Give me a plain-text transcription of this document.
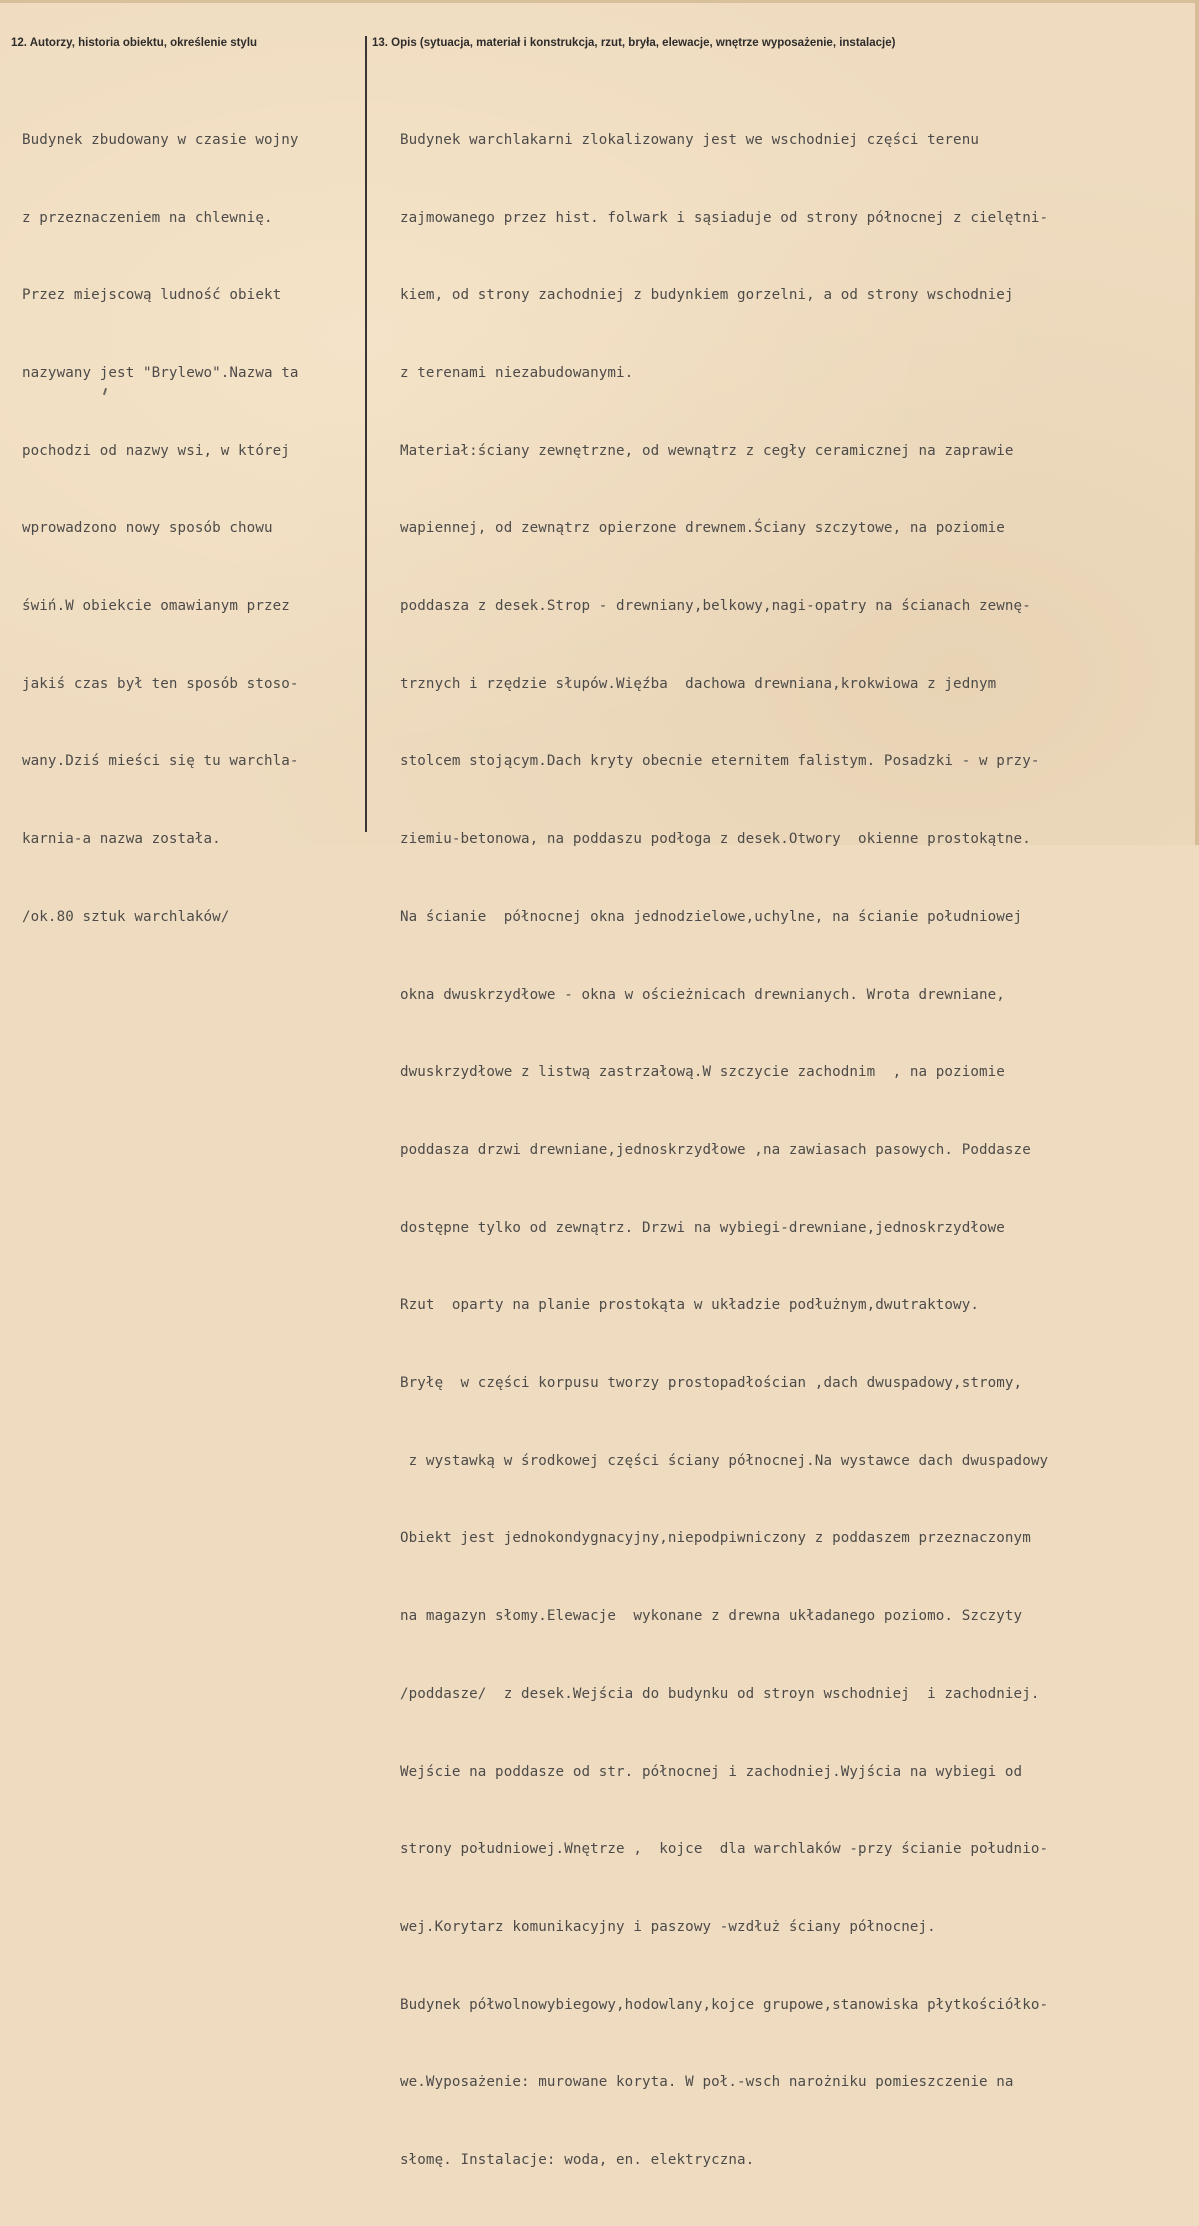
12. Autorzy, historia obiektu, określenie stylu	13. Opis (sytuacja, materiał i konstrukcja, rzut, bryła, elewacje, wnętrze wyposażenie, instalacje)

Budynek zbudowany w czasie wojny

z przeznaczeniem na chlewnię.

Przez miejscową ludność obiekt

nazywany jest "Brylewo".Nazwa ta

pochodzi od nazwy wsi, w której

wprowadzono nowy sposób chowu

świń.W obiekcie omawianym przez

jakiś czas był ten sposób stoso-

wany.Dziś mieści się tu warchla-

karnia-a nazwa została.

/ok.80 sztuk warchlaków/

Budynek warchlakarni zlokalizowany jest we wschodniej części terenu

zajmowanego przez hist. folwark i sąsiaduje od strony północnej z cielętni-

kiem, od strony zachodniej z budynkiem gorzelni, a od strony wschodniej

z terenami niezabudowanymi.

Materiał:ściany zewnętrzne, od wewnątrz z cegły ceramicznej na zaprawie

wapiennej, od zewnątrz opierzone drewnem.Ściany szczytowe, na poziomie

poddasza z desek.Strop - drewniany,belkowy,nagi-opatry na ścianach zewnę-

trznych i rzędzie słupów.Więźba  dachowa drewniana,krokwiowa z jednym

stolcem stojącym.Dach kryty obecnie eternitem falistym. Posadzki - w przy-

ziemiu-betonowa, na poddaszu podłoga z desek.Otwory  okienne prostokątne.

Na ścianie  północnej okna jednodzielowe,uchylne, na ścianie południowej

okna dwuskrzydłowe - okna w ościeżnicach drewnianych. Wrota drewniane,

dwuskrzydłowe z listwą zastrzałową.W szczycie zachodnim  , na poziomie

poddasza drzwi drewniane,jednoskrzydłowe ,na zawiasach pasowych. Poddasze

dostępne tylko od zewnątrz. Drzwi na wybiegi-drewniane,jednoskrzydłowe

Rzut  oparty na planie prostokąta w układzie podłużnym,dwutraktowy.

Bryłę  w części korpusu tworzy prostopadłościan ,dach dwuspadowy,stromy,

z wystawką w środkowej części ściany północnej.Na wystawce dach dwuspadowy

Obiekt jest jednokondygnacyjny,niepodpiwniczony z poddaszem przeznaczonym

na magazyn słomy.Elewacje  wykonane z drewna układanego poziomo. Szczyty

/poddasze/  z desek.Wejścia do budynku od stroyn wschodniej  i zachodniej.

Wejście na poddasze od str. północnej i zachodniej.Wyjścia na wybiegi od

strony południowej.Wnętrze ,  kojce  dla warchlaków -przy ścianie południo-

wej.Korytarz komunikacyjny i paszowy -wzdłuż ściany północnej.

Budynek półwolnowybiegowy,hodowlany,kojce grupowe,stanowiska płytkościółko-

we.Wyposażenie: murowane koryta. W poł.-wsch narożniku pomieszczenie na

słomę. Instalacje: woda, en. elektryczna.
